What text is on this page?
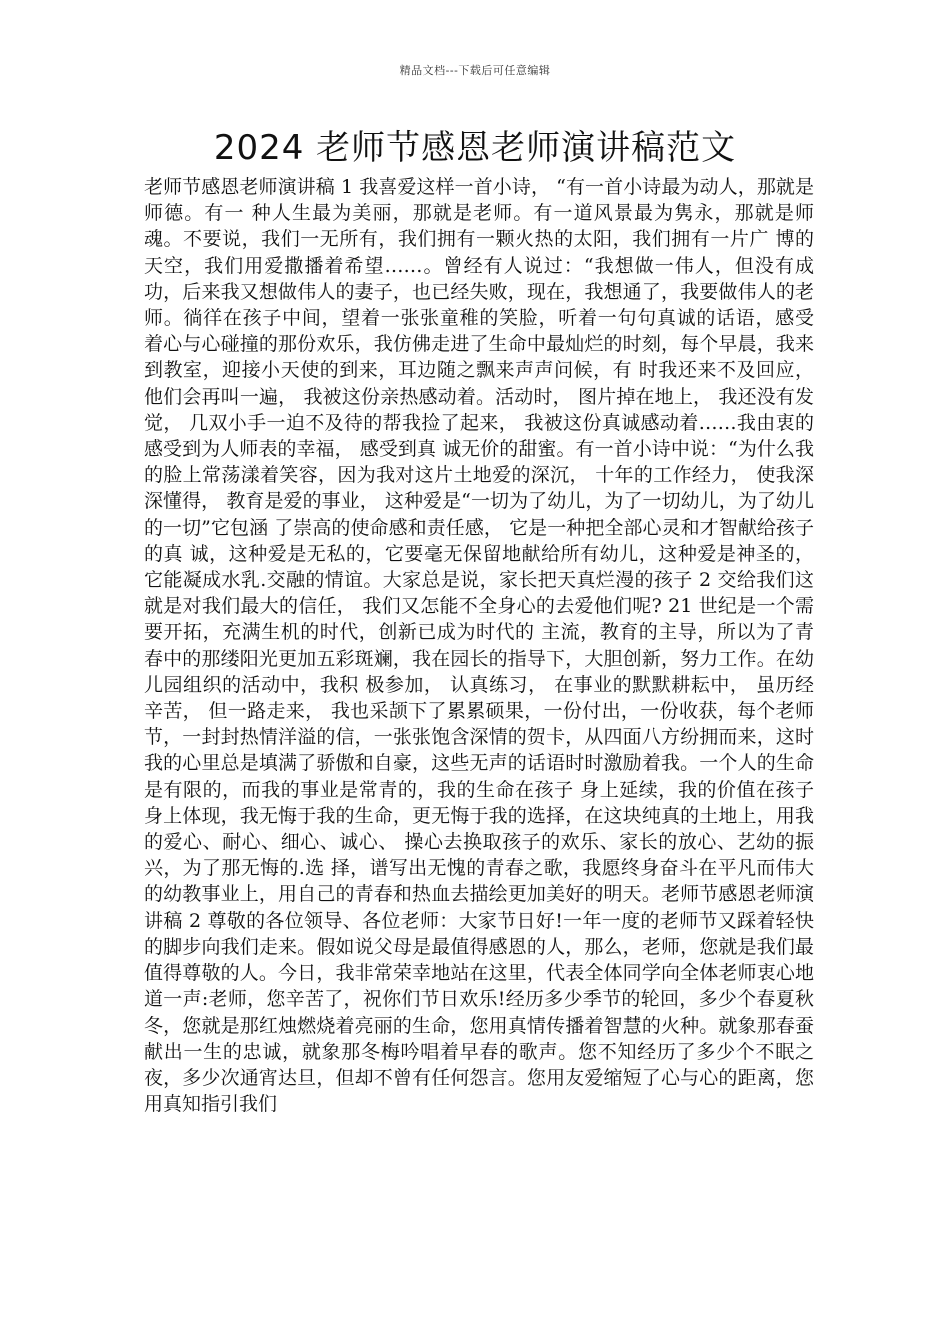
精品文档---下载后可任意编辑
2024 老师节感恩老师演讲稿范文

老师节感恩老师演讲稿 1 我喜爱这样一首小诗， “有一首小诗最为动人，那就是师德。有一 种人生最为美丽，那就是老师。有一道风景最为隽永，那就是师魂。不要说，我们一无所有，我们拥有一颗火热的太阳，我们拥有一片广 博的天空，我们用爱撒播着希望……。曾经有人说过：“我想做一伟人，但没有成功，后来我又想做伟人的妻子，也已经失败，现在，我想通了，我要做伟人的老师。徜徉在孩子中间，望着一张张童稚的笑脸，听着一句句真诚的话语，感受 着心与心碰撞的那份欢乐，我仿佛走进了生命中最灿烂的时刻，每个早晨，我来到教室，迎接小天使的到来，耳边随之飘来声声问候，有 时我还来不及回应， 他们会再叫一遍， 我被这份亲热感动着。活动时， 图片掉在地上， 我还没有发觉， 几双小手一迫不及待的帮我捡了起来， 我被这份真诚感动着……我由衷的感受到为人师表的幸福， 感受到真 诚无价的甜蜜。有一首小诗中说：“为什么我的脸上常荡漾着笑容，因为我对这片土地爱的深沉， 十年的工作经力， 使我深深懂得， 教育是爱的事业， 这种爱是“一切为了幼儿，为了一切幼儿，为了幼儿的一切”它包涵 了崇高的使命感和责任感， 它是一种把全部心灵和才智献给孩子的真 诚，这种爱是无私的，它要毫无保留地献给所有幼儿，这种爱是神圣的，它能凝成水乳.交融的情谊。大家总是说，家长把天真烂漫的孩子 2 交给我们这就是对我们最大的信任， 我们又怎能不全身心的去爱他们呢? 21 世纪是一个需要开拓，充满生机的时代，创新已成为时代的 主流，教育的主导，所以为了青春中的那缕阳光更加五彩斑斓，我在园长的指导下，大胆创新，努力工作。在幼儿园组织的活动中，我积 极参加， 认真练习， 在事业的默默耕耘中， 虽历经辛苦， 但一路走来， 我也采颉下了累累硕果，一份付出，一份收获，每个老师节，一封封热情洋溢的信，一张张饱含深情的贺卡，从四面八方纷拥而来，这时 我的心里总是填满了骄傲和自豪，这些无声的话语时时激励着我。一个人的生命是有限的，而我的事业是常青的，我的生命在孩子 身上延续，我的价值在孩子身上体现，我无悔于我的生命，更无悔于我的选择，在这块纯真的土地上，用我的爱心、耐心、细心、诚心、 操心去换取孩子的欢乐、家长的放心、艺幼的振兴，为了那无悔的.选 择，谱写出无愧的青春之歌，我愿终身奋斗在平凡而伟大的幼教事业上，用自己的青春和热血去描绘更加美好的明天。老师节感恩老师演讲稿 2 尊敬的各位领导、各位老师：大家节日好!一年一度的老师节又踩着轻快的脚步向我们走来。假如说父母是最值得感恩的人，那么，老师，您就是我们最值得尊敬的人。今日，我非常荣幸地站在这里，代表全体同学向全体老师衷心地道一声:老师，您辛苦了，祝你们节日欢乐!经历多少季节的轮回，多少个春夏秋冬，您就是那红烛燃烧着亮丽的生命，您用真情传播着智慧的火种。就象那春蚕献出一生的忠诚，就象那冬梅吟唱着早春的歌声。您不知经历了多少个不眠之夜，多少次通宵达旦，但却不曾有任何怨言。您用友爱缩短了心与心的距离，您用真知指引我们
